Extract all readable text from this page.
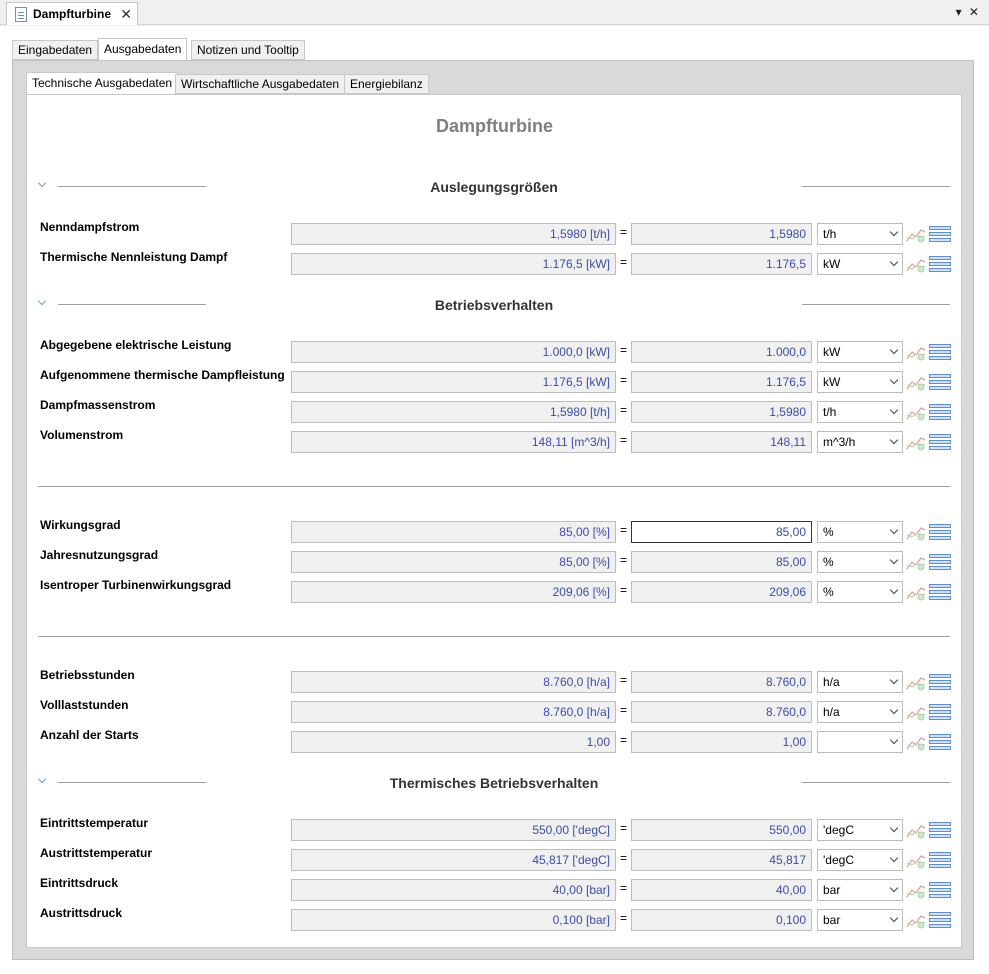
Dampfturbine ✕	▾ ✕
Eingabedaten Ausgabedaten	Notizen und Tooltip
Technische Ausgabedaten Wirtschaftliche Ausgabedaten Energiebilanz
Dampfturbine
Auslegungsgrößen
Betriebsverhalten
Thermisches Betriebsverhalten
Nenndampfstrom	1,5980 [t/h] =	1,5980	t/h
Thermische Nennleistung Dampf	1.176,5 [kW] =	1.176,5	kW
Abgegebene elektrische Leistung	1.000,0 [kW] =	1.000,0	kW
Aufgenommene thermische Dampfleistung	1.176,5 [kW] =	1.176,5	kW
Dampfmassenstrom	1,5980 [t/h] =	1,5980	t/h
Volumenstrom	148,11 [m^3/h] =	148,11	m^3/h
Wirkungsgrad	85,00 [%] =	85,00	%
Jahresnutzungsgrad	85,00 [%] =	85,00	%
Isentroper Turbinenwirkungsgrad	209,06 [%] =	209,06	%
Betriebsstunden	8.760,0 [h/a] =	8.760,0	h/a
Volllaststunden	8.760,0 [h/a] =	8.760,0	h/a
Anzahl der Starts	1,00 =	1,00
Eintrittstemperatur	550,00 ['degC] =	550,00	'degC
Austrittstemperatur	45,817 ['degC] =	45,817	'degC
Eintrittsdruck	40,00 [bar] =	40,00	bar
Austrittsdruck	0,100 [bar] =	0,100	bar
